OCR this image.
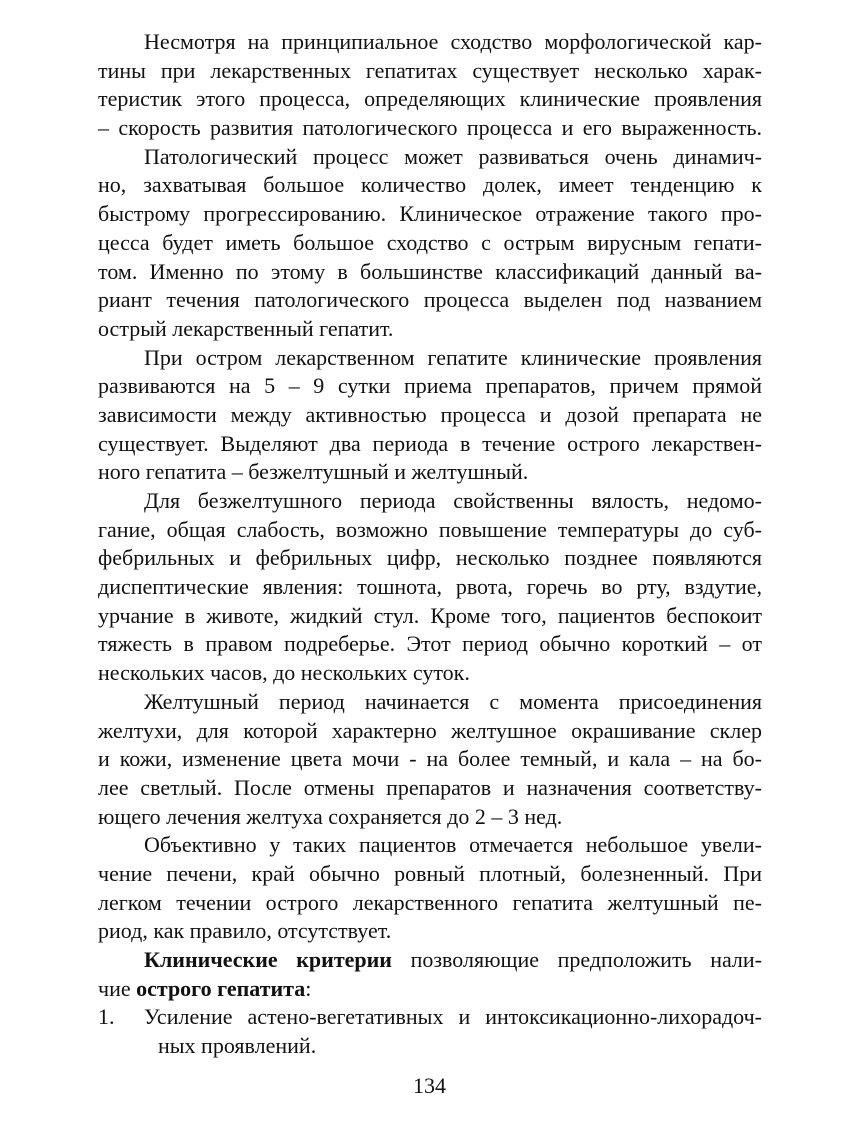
Несмотря на принципиальное сходство морфологической кар-
тины при лекарственных гепатитах существует несколько харак-
теристик этого процесса, определяющих клинические проявления
– скорость развития патологического процесса и его выраженность.
Патологический процесс может развиваться очень динамич-
но, захватывая большое количество долек, имеет тенденцию к
быстрому прогрессированию. Клиническое отражение такого про-
цесса будет иметь большое сходство с острым вирусным гепати-
том. Именно по этому в большинстве классификаций данный ва-
риант течения патологического процесса выделен под названием
острый лекарственный гепатит.
При остром лекарственном гепатите клинические проявления
развиваются на 5 – 9 сутки приема препаратов, причем прямой
зависимости между активностью процесса и дозой препарата не
существует. Выделяют два периода в течение острого лекарствен-
ного гепатита – безжелтушный и желтушный.
Для безжелтушного периода свойственны вялость, недомо-
гание, общая слабость, возможно повышение температуры до суб-
фебрильных и фебрильных цифр, несколько позднее появляются
диспептические явления: тошнота, рвота, горечь во рту, вздутие,
урчание в животе, жидкий стул. Кроме того, пациентов беспокоит
тяжесть в правом подреберье. Этот период обычно короткий – от
нескольких часов, до нескольких суток.
Желтушный период начинается с момента присоединения
желтухи, для которой характерно желтушное окрашивание склер
и кожи, изменение цвета мочи - на более темный, и кала – на бо-
лее светлый. После отмены препаратов и назначения соответству-
ющего лечения желтуха сохраняется до 2 – 3 нед.
Объективно у таких пациентов отмечается небольшое увели-
чение печени, край обычно ровный плотный, болезненный. При
легком течении острого лекарственного гепатита желтушный пе-
риод, как правило, отсутствует.
Клинические критерии позволяющие предположить нали-
чие острого гепатита:
1.	Усиление астено-вегетативных и интоксикационно-лихорадоч-
ных проявлений.
134
